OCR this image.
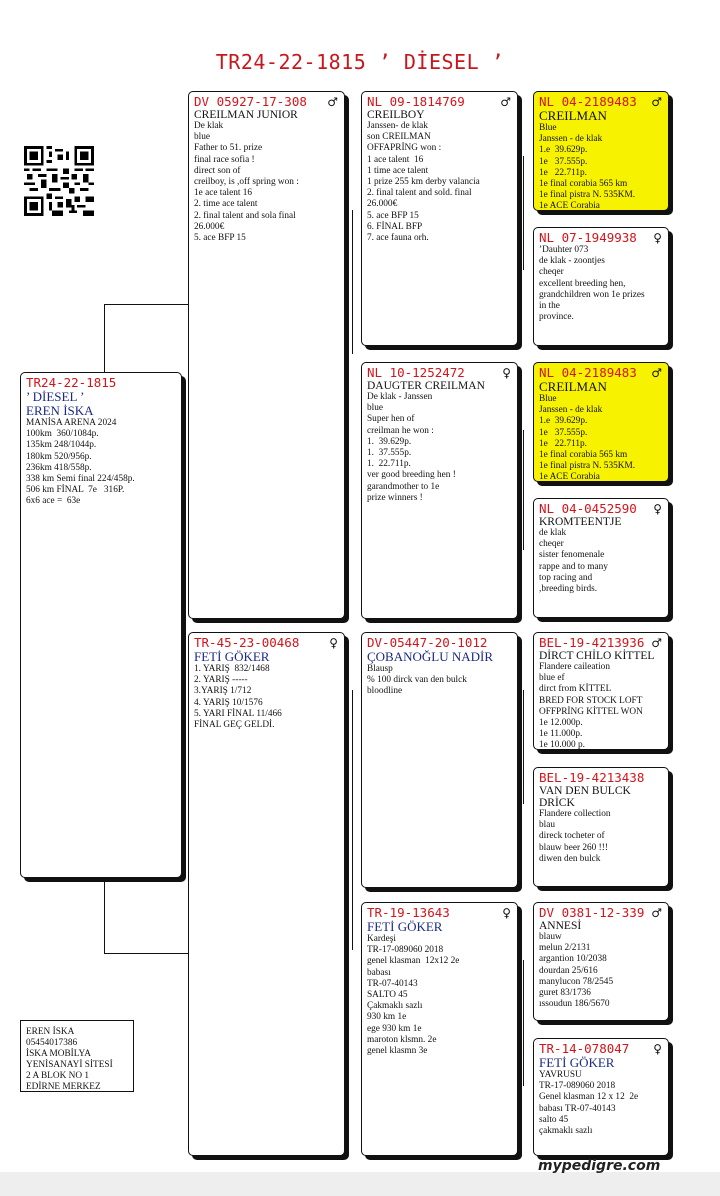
TR24-22-1815 ’ DİESEL ’
TR24-22-1815
’ DİESEL ’
EREN İSKA
MANİSA ARENA 2024
100km  360/1084p.
135km 248/1044p.
180km 520/956p.
236km 418/558p.
338 km Semi final 224/458p.
506 km FİNAL  7e   316P.
6x6 ace =  63e
DV 05927-17-308	♂
CREILMAN JUNIOR
De klak
blue
Father to 51. prize
final race sofia !
direct son of
creilboy, is ,off spring won :
1e ace talent 16
2. time ace talent
2. final talent and sola final
26.000€
5. ace BFP 15
TR-45-23-00468	♀
FETİ GÖKER
1. YARIŞ  832/1468
2. YARIŞ -----
3.YARIŞ 1/712
4. YARIŞ 10/1576
5. YARI FİNAL 11/466
FİNAL GEÇ GELDİ.
NL 09-1814769	♂
CREILBOY
Janssen- de klak
son CREILMAN
OFFAPRİNG won :
1 ace talent  16
1 time ace talent
1 prize 255 km derby valancia
2. final talent and sold. final
26.000€
5. ace BFP 15
6. FİNAL BFP
7. ace fauna orh.
NL 10-1252472	♀
DAUGTER CREILMAN
De klak - Janssen
blue
Super hen of
creilman he won :
1.  39.629p.
1.  37.555p.
1.  22.711p.
ver good breeding hen !
garandmother to 1e
prize winners !
DV-05447-20-1012
ÇOBANOĞLU NADİR
Blausp
% 100 dirck van den bulck
bloodline
TR-19-13643	♀
FETİ GÖKER
Kardeşi
TR-17-089060 2018
genel klasman  12x12 2e
babası
TR-07-40143
SALTO 45
Çakmaklı sazlı
930 km 1e
ege 930 km 1e
maroton klsmn. 2e
genel klasmn 3e
NL 04-2189483	♂
CREILMAN
Blue
Janssen - de klak
1.e  39.629p.
1e   37.555p.
1e   22.711p.
1e final corabia 565 km
1e final pistra N. 535KM.
1e ACE Corabia
NL 07-1949938	♀
’Dauhter 073
de klak - zoontjes
cheqer
excellent breeding hen,
grandchildren won 1e prizes
in the
province.
NL 04-2189483	♂
CREILMAN
Blue
Janssen - de klak
1.e  39.629p.
1e   37.555p.
1e   22.711p.
1e final corabia 565 km
1e final pistra N. 535KM.
1e ACE Corabia
NL 04-0452590	♀
KROMTEENTJE
de klak
cheqer
sister fenomenale
rappe and to many
top racing and
,breeding birds.
BEL-19-4213936 ♂
DİRCT CHİLO KİTTEL
Flandere caileation
blue ef
dirct from KİTTEL
BRED FOR STOCK LOFT
OFFPRİNG KİTTEL WON
1e 12.000p.
1e 11.000p.
1e 10.000 p.
BEL-19-4213438
VAN DEN BULCK DRİCK
Flandere collection
blau
direck tocheter of
blauw beer 260 !!!
diwen den bulck
DV 0381-12-339 ♂
ANNESİ
blauw
melun 2/2131
argantion 10/2038
dourdan 25/616
manylucon 78/2545
guret 83/1736
ıssoudun 186/5670
TR-14-078047	♀
FETİ GÖKER
YAVRUSU
TR-17-089060 2018
Genel klasman 12 x 12  2e
babası TR-07-40143
salto 45
çakmaklı sazlı
EREN İSKA
05454017386
İSKA MOBİLYA
YENİSANAYİ SİTESİ
2 A BLOK NO 1
EDİRNE MERKEZ
mypedigre.com
